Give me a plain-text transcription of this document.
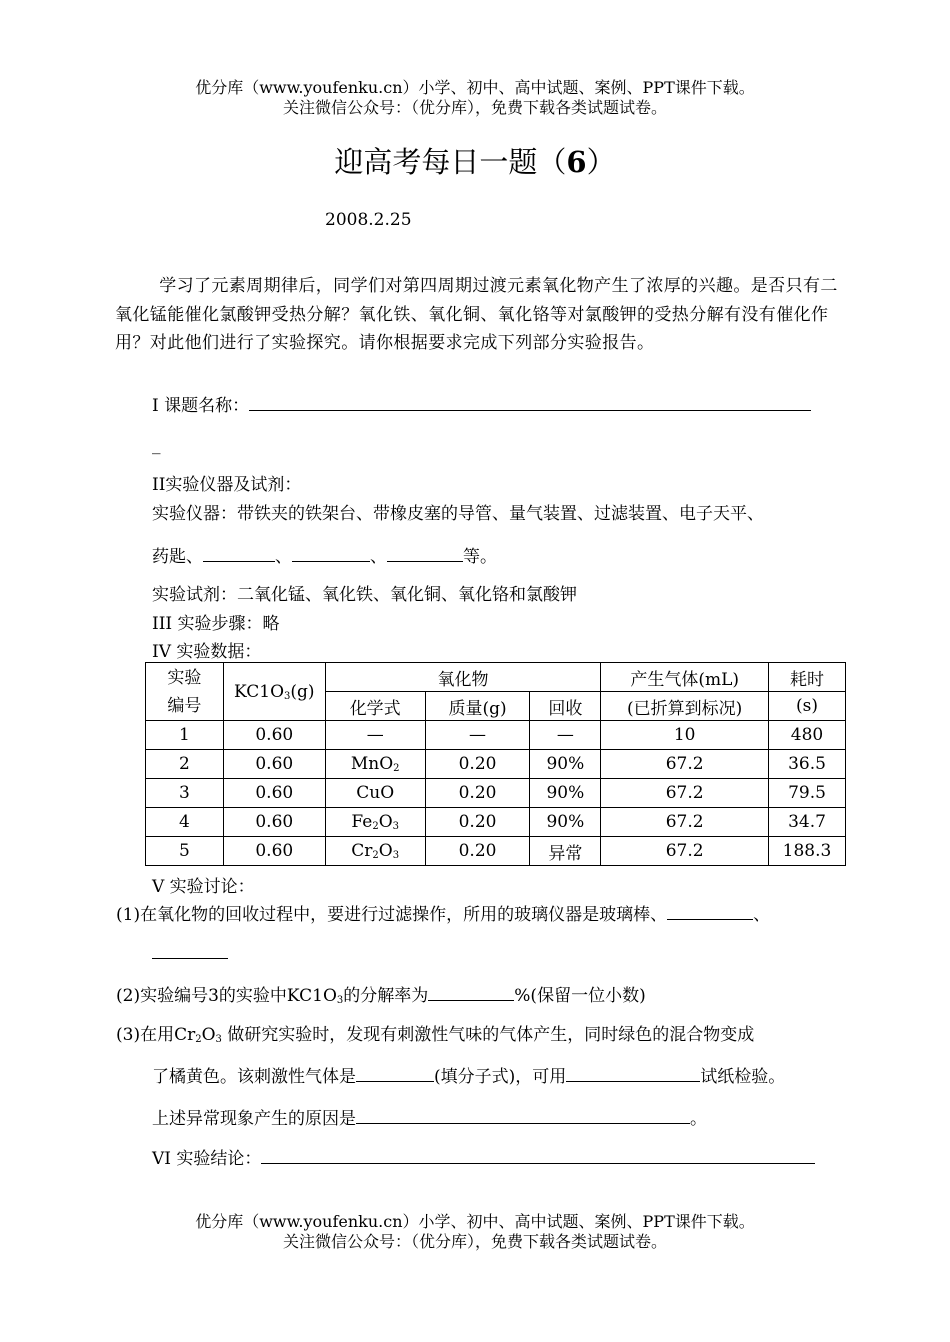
优分库（www.youfenku.cn）小学、初中、高中试题、案例、PPT课件下载。
关注微信公众号：（优分库），免费下载各类试题试卷。
迎高考每日一题（6）
2008.2.25

学习了元素周期律后，同学们对第四周期过渡元素氧化物产生了浓厚的兴趣。是否只有二氧化锰能催化氯酸钾受热分解？氧化铁、氧化铜、氧化铬等对氯酸钾的受热分解有没有催化作用？对此他们进行了实验探究。请你根据要求完成下列部分实验报告。

I 课题名称：
_
II实验仪器及试剂：
实验仪器：带铁夹的铁架台、带橡皮塞的导管、量气装置、过滤装置、电子天平、
药匙、	、	、	等。
实验试剂：二氧化锰、氧化铁、氧化铜、氧化铬和氯酸钾
III 实验步骤：略
IV 实验数据：
实验
编号	$KC1O_3(g)$	氧化物			产生气体(mL)	耗时
		化学式	质量(g)	回收	(已折算到标况)	(s)
1	0.60	—	—	—	10	480
2	0.60	MnO$_2$	0.20	90%	67.2	36.5
3	0.60	CuO	0.20	90%	67.2	79.5
4	0.60	$Fe_2O_3$	0.20	90%	67.2	34.7
5	0.60	$Cr_2O_3$	0.20	异常	67.2	188.3
V 实验讨论：
(1)在氧化物的回收过程中，要进行过滤操作，所用的玻璃仪器是玻璃棒、	、
(2)实验编号3的实验中$KC1O_3$的分解率为	%(保留一位小数)
(3)在用$Cr_2O_3$ 做研究实验时，发现有刺激性气味的气体产生，同时绿色的混合物变成
了橘黄色。该刺激性气体是	(填分子式)，可用	试纸检验。
上述异常现象产生的原因是	。
VI 实验结论：
优分库（www.youfenku.cn）小学、初中、高中试题、案例、PPT课件下载。
关注微信公众号：（优分库），免费下载各类试题试卷。
